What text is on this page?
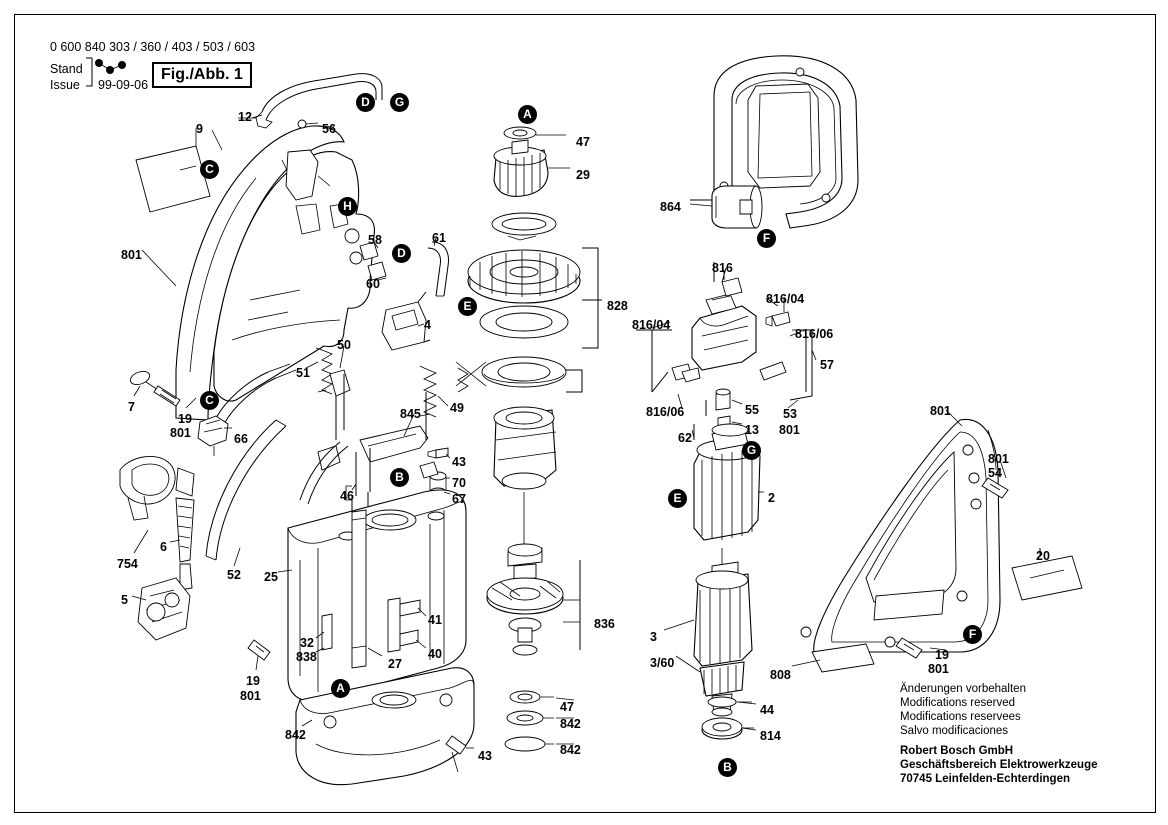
0 600 840 303 / 360 / 403 / 503 / 603
Stand
Issue 99-09-06
Fig./Abb. 1
9
12
56
801
58	61
60
4
7
19
801	66
51
50
845 49
43
70
67
46
754
6
52 25
5
32
838	27
41
40
19
801
842
43
47
29
828
836
47
842
842
864
816
816/04
816/04
816/06
816/06
57
55 53
13 801
62
2
3
3/60
44
814
808
801
801
54
19
801
20
D	G
C
H
D
E
C
B
A
A
B
E
G
F
F
Änderungen vorbehalten
Modifications reserved
Modifications reservees
Salvo modificaciones
Robert Bosch GmbH
Geschäftsbereich Elektrowerkzeuge
70745 Leinfelden-Echterdingen
